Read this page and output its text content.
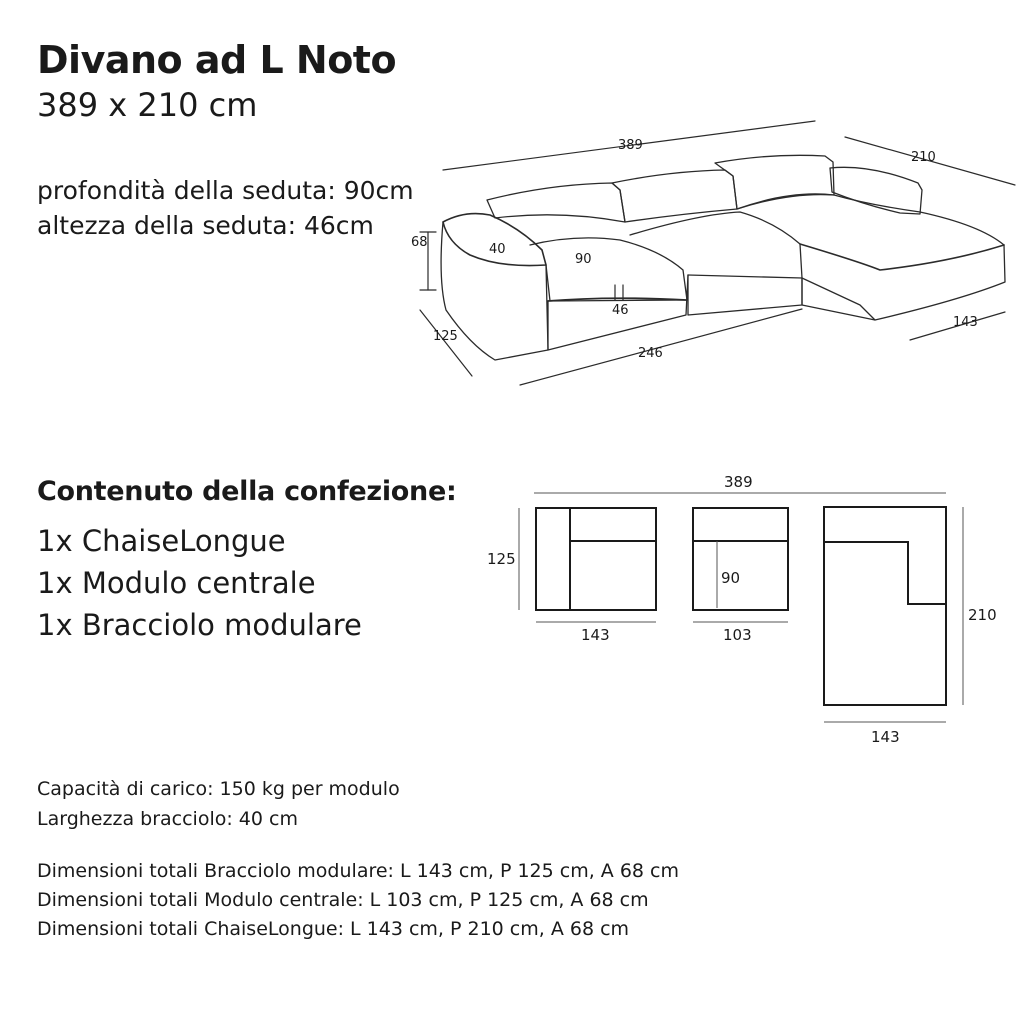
Divano ad L Noto
389 x 210 cm
profondità della seduta: 90cm
altezza della seduta: 46cm
389
210
68
125
40
90
46
246
143
Contenuto della confezione:
1x ChaiseLongue
1x Modulo centrale
1x Bracciolo modulare
389
125
143
90
103
210
143
Capacità di carico: 150 kg per modulo
Larghezza bracciolo: 40 cm
Dimensioni totali Bracciolo modulare: L 143 cm, P 125 cm, A 68 cm
Dimensioni totali Modulo centrale: L 103 cm, P 125 cm, A 68 cm
Dimensioni totali ChaiseLongue: L 143 cm, P 210 cm, A 68 cm
